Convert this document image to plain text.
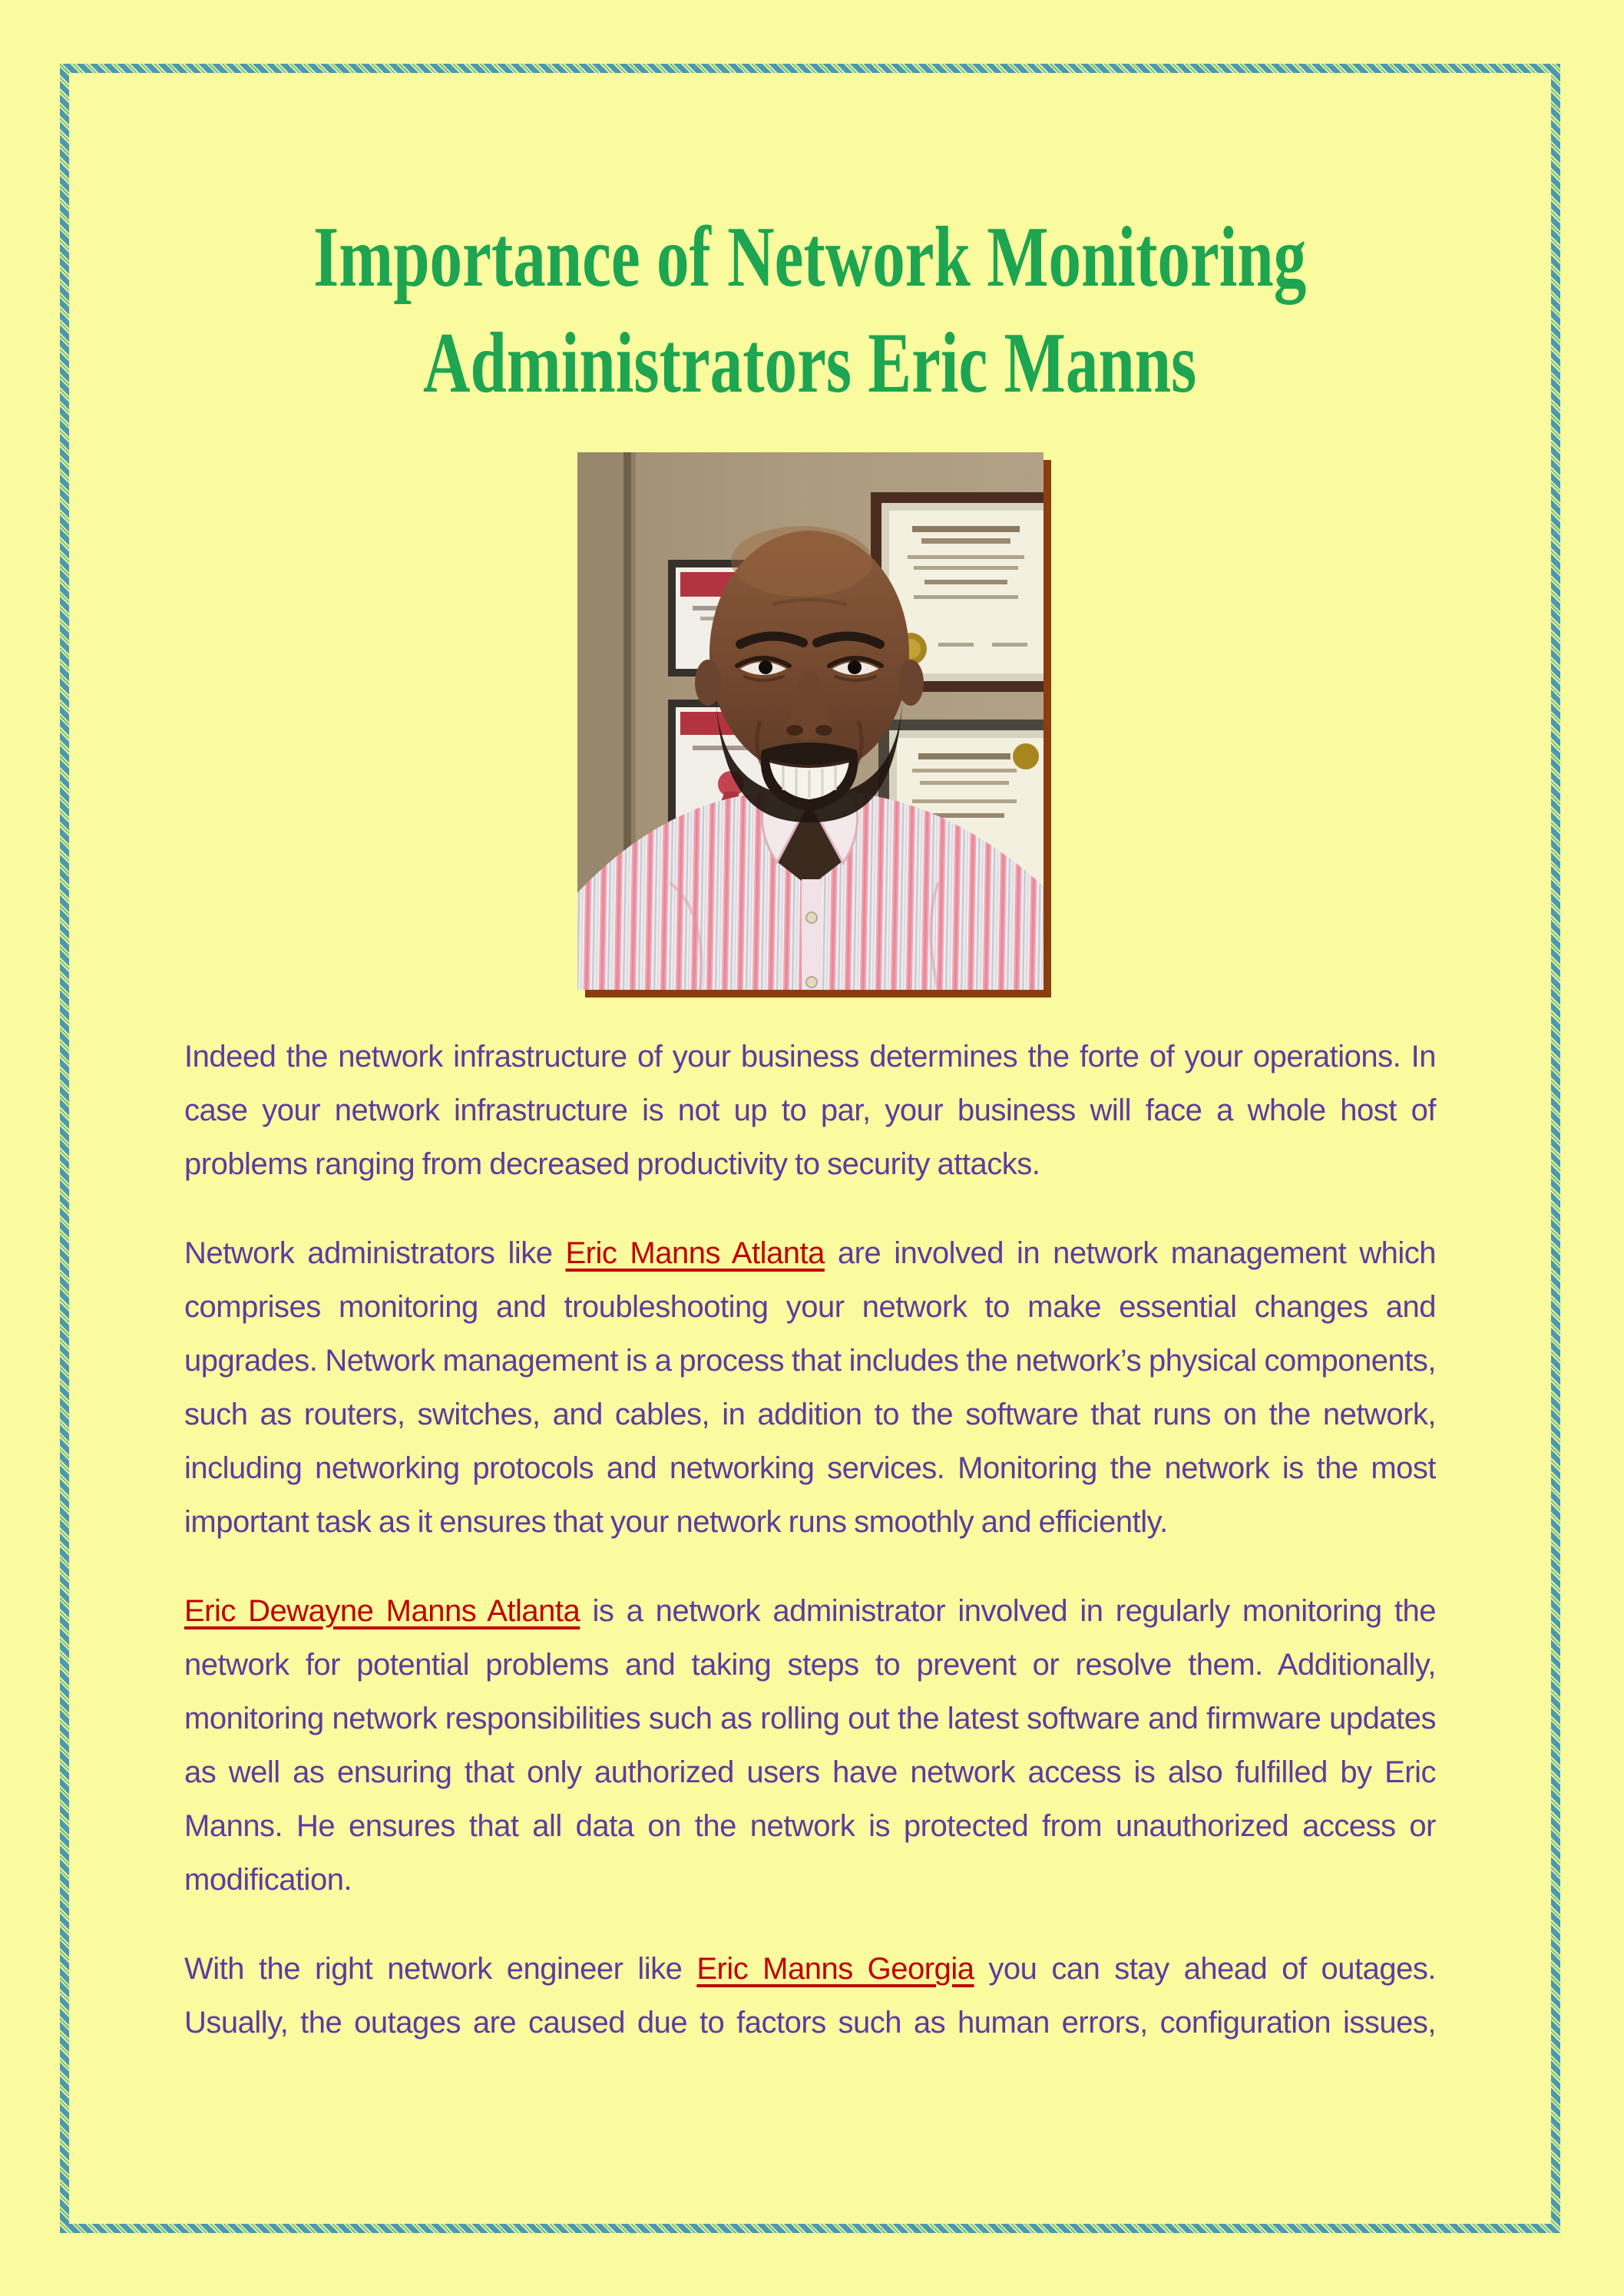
Importance of Network Monitoring
Administrators Eric Manns

Indeed the network infrastructure of your business determines the forte of your operations. In case your network infrastructure is not up to par, your business will face a whole host of problems ranging from decreased productivity to security attacks.

Network administrators like Eric Manns Atlanta are involved in network management which comprises monitoring and troubleshooting your network to make essential changes and upgrades. Network management is a process that includes the network’s physical components, such as routers, switches, and cables, in addition to the software that runs on the network, including networking protocols and networking services. Monitoring the network is the most important task as it ensures that your network runs smoothly and efficiently.

Eric Dewayne Manns Atlanta is a network administrator involved in regularly monitoring the network for potential problems and taking steps to prevent or resolve them. Additionally, monitoring network responsibilities such as rolling out the latest software and firmware updates as well as ensuring that only authorized users have network access is also fulfilled by Eric Manns. He ensures that all data on the network is protected from unauthorized access or modification.

With the right network engineer like Eric Manns Georgia you can stay ahead of outages. Usually, the outages are caused due to factors such as human errors, configuration issues,
